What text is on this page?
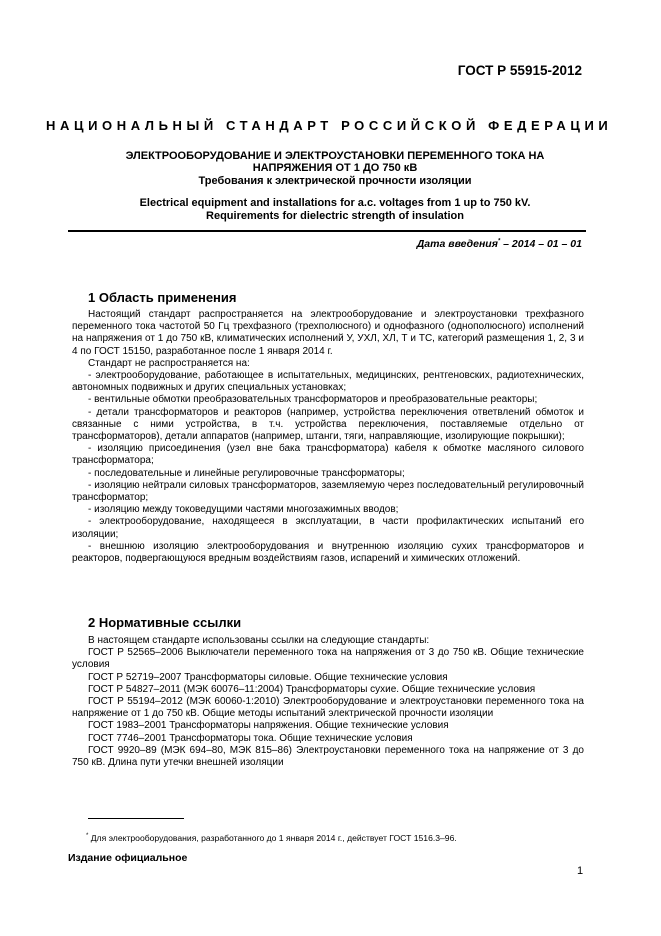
ГОСТ Р 55915-2012
НАЦИОНАЛЬНЫЙ СТАНДАРТ РОССИЙСКОЙ ФЕДЕРАЦИИ
ЭЛЕКТРООБОРУДОВАНИЕ И ЭЛЕКТРОУСТАНОВКИ ПЕРЕМЕННОГО ТОКА НА
НАПРЯЖЕНИЯ ОТ 1 ДО 750 кВ
Требования к электрической прочности изоляции
Electrical equipment and installations for a.c. voltages from 1 up to 750 kV.
Requirements for dielectric strength of insulation
Дата введения* – 2014 – 01 – 01
1 Область применения

Настоящий стандарт распространяется на электрооборудование и электроустановки трехфазного переменного тока частотой 50 Гц трехфазного (трехполюсного) и однофазного (однополюсного) исполнений на напряжения от 1 до 750 кВ, климатических исполнений У, УХЛ, ХЛ, Т и ТС, категорий размещения 1, 2, 3 и 4 по ГОСТ 15150, разработанное после 1 января 2014 г.

Стандарт не распространяется на:

- электрооборудование, работающее в испытательных, медицинских, рентгеновских, радиотехнических, автономных подвижных и других специальных установках;

- вентильные обмотки преобразовательных трансформаторов и преобразовательные реакторы;

- детали трансформаторов и реакторов (например, устройства переключения ответвлений обмоток и связанные с ними устройства, в т.ч. устройства переключения, поставляемые отдельно от трансформаторов), детали аппаратов (например, штанги, тяги, направляющие, изолирующие покрышки);

- изоляцию присоединения (узел вне бака трансформатора) кабеля к обмотке масляного силового трансформатора;

- последовательные и линейные регулировочные трансформаторы;

- изоляцию нейтрали силовых трансформаторов, заземляемую через последовательный регулировочный трансформатор;

- изоляцию между токоведущими частями многозажимных вводов;

- электрооборудование, находящееся в эксплуатации, в части профилактических испытаний его изоляции;

- внешнюю изоляцию электрооборудования и внутреннюю изоляцию сухих трансформаторов и реакторов, подвергающуюся вредным воздействиям газов, испарений и химических отложений.

2 Нормативные ссылки

В настоящем стандарте использованы ссылки на следующие стандарты:

ГОСТ Р 52565–2006 Выключатели переменного тока на напряжения от 3 до 750 кВ. Общие технические условия

ГОСТ Р 52719–2007 Трансформаторы силовые. Общие технические условия

ГОСТ Р 54827–2011 (МЭК 60076–11:2004) Трансформаторы сухие. Общие технические условия

ГОСТ Р 55194–2012 (МЭК 60060-1:2010) Электрооборудование и электроустановки переменного тока на напряжение от 1 до 750 кВ. Общие методы испытаний электрической прочности изоляции

ГОСТ 1983–2001 Трансформаторы напряжения. Общие технические условия

ГОСТ 7746–2001 Трансформаторы тока. Общие технические условия

ГОСТ 9920–89 (МЭК 694–80, МЭК 815–86) Электроустановки переменного тока на напряжение от 3 до 750 кВ. Длина пути утечки внешней изоляции

* Для электрооборудования, разработанного до 1 января 2014 г., действует ГОСТ 1516.3–96.
Издание официальное
1
